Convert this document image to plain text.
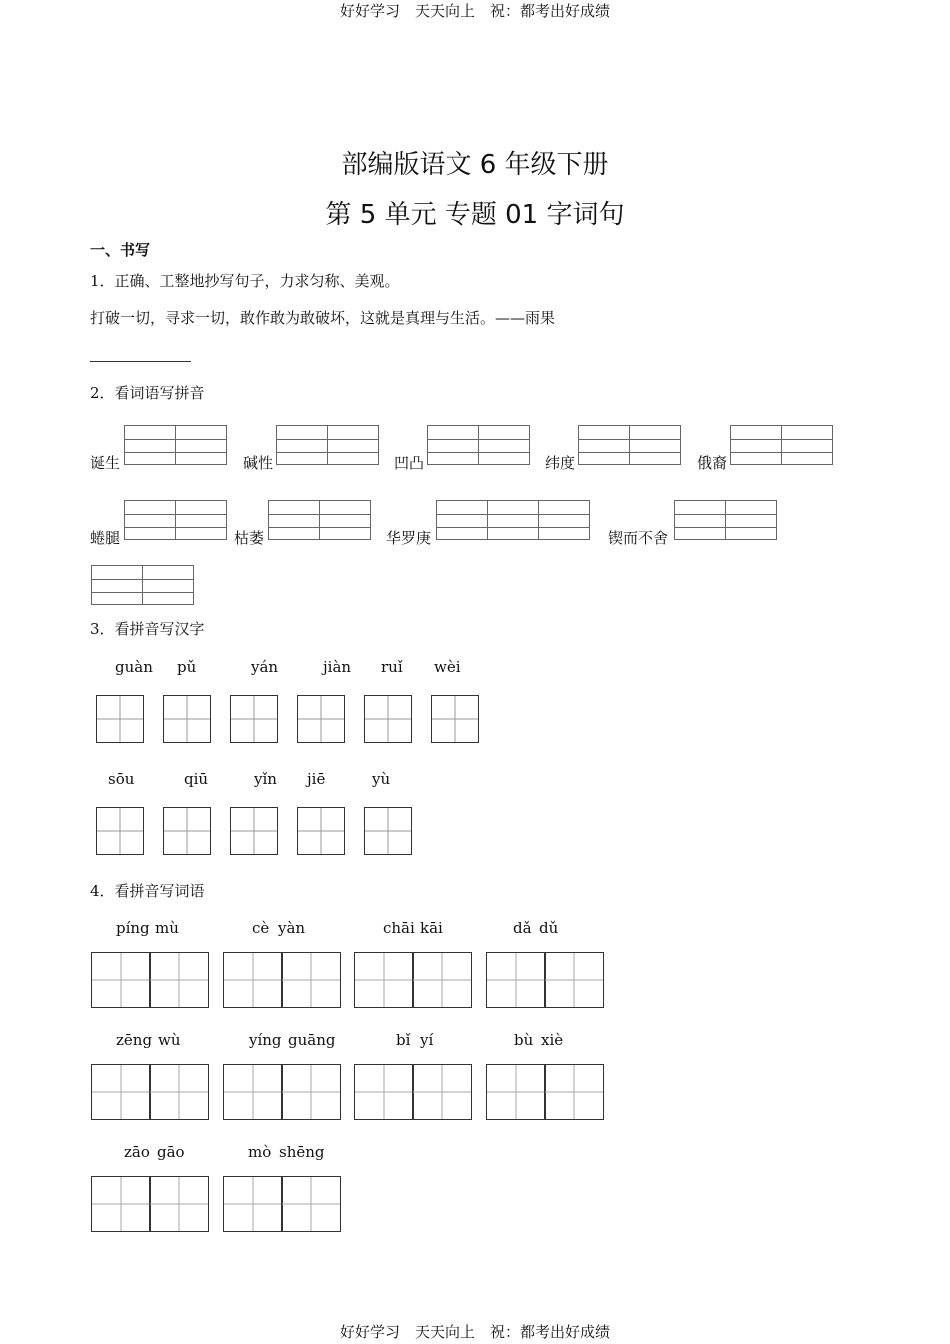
好好学习　天天向上　祝：都考出好成绩
好好学习　天天向上　祝：都考出好成绩
部编版语文 6 年级下册
第 5 单元 专题 01 字词句
一、书写
1．正确、工整地抄写句子，力求匀称、美观。
打破一切，寻求一切，敢作敢为敢破坏，这就是真理与生活。——雨果
2．看词语写拼音
诞生	碱性	凹凸	纬度	俄裔
蜷腿	枯萎	华罗庚	锲而不舍
3．看拼音写汉字
guàn pǔ	yán	jiàn ruǐ wèi
sōu	qiū	yǐn jiē	yù
4．看拼音写词语
píng mù	cè yàn	chāi kāi	dǎ dǔ
zēng wù	yíng guāng	bǐ yí	bù xiè
zāo gāo	mò shēng
